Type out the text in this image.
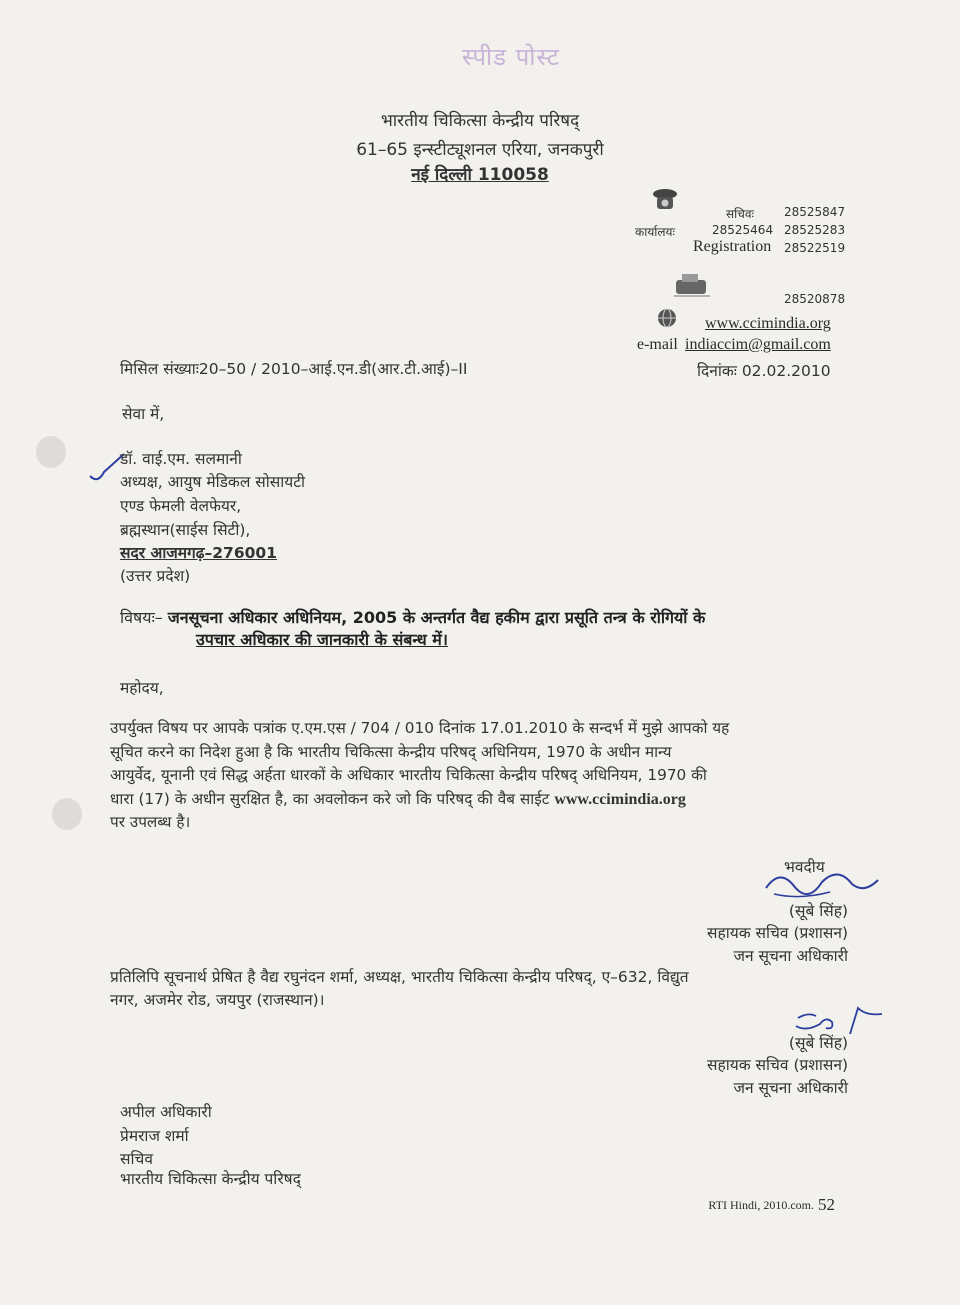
स्पीड पोस्ट
भारतीय चिकित्सा केन्द्रीय परिषद्
61–65 इन्स्टीट्यूशनल एरिया, जनकपुरी
नई दिल्ली 110058
सचिवः	28525847
कार्यालयः	28525464 28525283
Registration 28522519
28520878
www.ccimindia.org
e-mail indiaccim@gmail.com
मिसिल संख्याः20–50 / 2010–आई.एन.डी(आर.टी.आई)–II	दिनांकः 02.02.2010
सेवा में,
डॉ. वाई.एम. सलमानी
अध्यक्ष, आयुष मेडिकल सोसायटी
एण्ड फेमली वेलफेयर,
ब्रह्मस्थान(साईस सिटी),
सदर आजमगढ़–276001
(उत्तर प्रदेश)
विषयः– जनसूचना अधिकार अधिनियम, 2005 के अन्तर्गत वैद्य हकीम द्वारा प्रसूति तन्त्र के रोगियों के
उपचार अधिकार की जानकारी के संबन्ध में।
महोदय,
उपर्युक्त विषय पर आपके पत्रांक ए.एम.एस / 704 / 010 दिनांक 17.01.2010 के सन्दर्भ में मुझे आपको यह
सूचित करने का निदेश हुआ है कि भारतीय चिकित्सा केन्द्रीय परिषद् अधिनियम, 1970 के अधीन मान्य
आयुर्वेद, यूनानी एवं सिद्ध अर्हता धारकों के अधिकार भारतीय चिकित्सा केन्द्रीय परिषद् अधिनियम, 1970 की
धारा (17) के अधीन सुरक्षित है, का अवलोकन करे जो कि परिषद् की वैब साईट www.ccimindia.org
पर उपलब्ध है।
भवदीय
(सूबे सिंह)
सहायक सचिव (प्रशासन)
जन सूचना अधिकारी
प्रतिलिपि सूचनार्थ प्रेषित है वैद्य रघुनंदन शर्मा, अध्यक्ष, भारतीय चिकित्सा केन्द्रीय परिषद्, ए–632, विद्युत
नगर, अजमेर रोड, जयपुर (राजस्थान)।
(सूबे सिंह)
सहायक सचिव (प्रशासन)
जन सूचना अधिकारी
अपील अधिकारी
प्रेमराज शर्मा
सचिव
भारतीय चिकित्सा केन्द्रीय परिषद्
RTI Hindi, 2010.com. 52
